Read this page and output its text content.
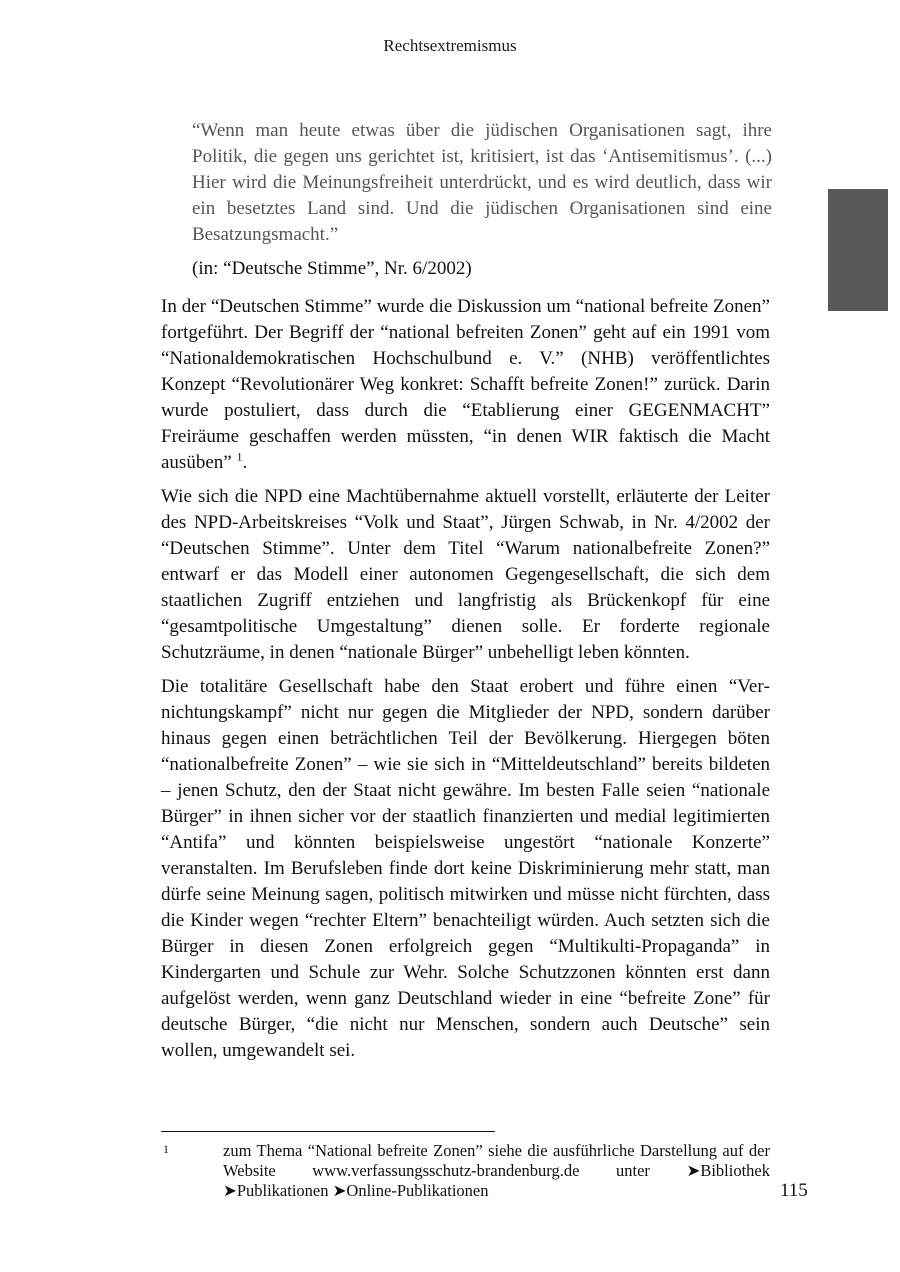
Rechtsextremismus

“Wenn man heute etwas über die jüdischen Organisationen sagt, ihre Politik, die gegen uns gerichtet ist, kritisiert, ist das ‘Antisemitismus’. (...) Hier wird die Meinungsfreiheit unterdrückt, und es wird deutlich, dass wir ein besetztes Land sind. Und die jüdischen Organisationen sind eine Besatzungsmacht.”

(in: “Deutsche Stimme”, Nr. 6/2002)

In der “Deutschen Stimme” wurde die Diskussion um “national befreite Zonen” fortgeführt. Der Begriff der “national befreiten Zonen” geht auf ein 1991 vom “Nationaldemokratischen Hochschulbund e. V.” (NHB) veröffentlichtes Konzept “Revolutionärer Weg konkret: Schafft befreite Zonen!” zurück. Darin wurde postuliert, dass durch die “Etablierung einer GEGENMACHT” Freiräume geschaffen werden müssten, “in denen WIR faktisch die Macht ausüben” $^1$.

Wie sich die NPD eine Machtübernahme aktuell vorstellt, erläuterte der Leiter des NPD-Arbeitskreises “Volk und Staat”, Jürgen Schwab, in Nr. 4/​2002 der “Deutschen Stimme”. Unter dem Titel “Warum nationalbefreite Zonen?” entwarf er das Modell einer autonomen Gegengesellschaft, die sich dem staatlichen Zugriff entziehen und langfristig als Brückenkopf für eine “gesamtpolitische Umgestaltung” dienen solle. Er forderte regionale Schutzräume, in denen “nationale Bürger” unbehelligt leben könnten.

Die totalitäre Gesellschaft habe den Staat erobert und führe einen “Vernichtungskampf” nicht nur gegen die Mitglieder der NPD, sondern darüber hinaus gegen einen beträchtlichen Teil der Bevölkerung. Hiergegen böten “nationalbefreite Zonen” – wie sie sich in “Mitteldeutschland” bereits bildeten – jenen Schutz, den der Staat nicht gewähre. Im besten Falle seien “nationale Bürger” in ihnen sicher vor der staatlich finanzierten und medial legitimierten “Antifa” und könnten beispielsweise ungestört “nationale Konzerte” veranstalten. Im Berufsleben finde dort keine Diskriminierung mehr statt, man dürfe seine Meinung sagen, politisch mitwirken und müsse nicht fürchten, dass die Kinder wegen “rechter Eltern” benachteiligt würden. Auch setzten sich die Bürger in diesen Zonen erfolgreich gegen “Multikulti-Propaganda” in Kindergarten und Schule zur Wehr. Solche Schutzzonen könnten erst dann aufgelöst werden, wenn ganz Deutschland wieder in eine “befreite Zone” für deutsche Bürger, “die nicht nur Menschen, sondern auch Deutsche” sein wollen, umgewandelt sei.

1	zum Thema “National befreite Zonen” siehe die ausführliche Darstellung auf der Website www.verfassungsschutz-brandenburg.de unter ➤Bibliothek ➤Publikationen ➤Online-Publikationen	115
